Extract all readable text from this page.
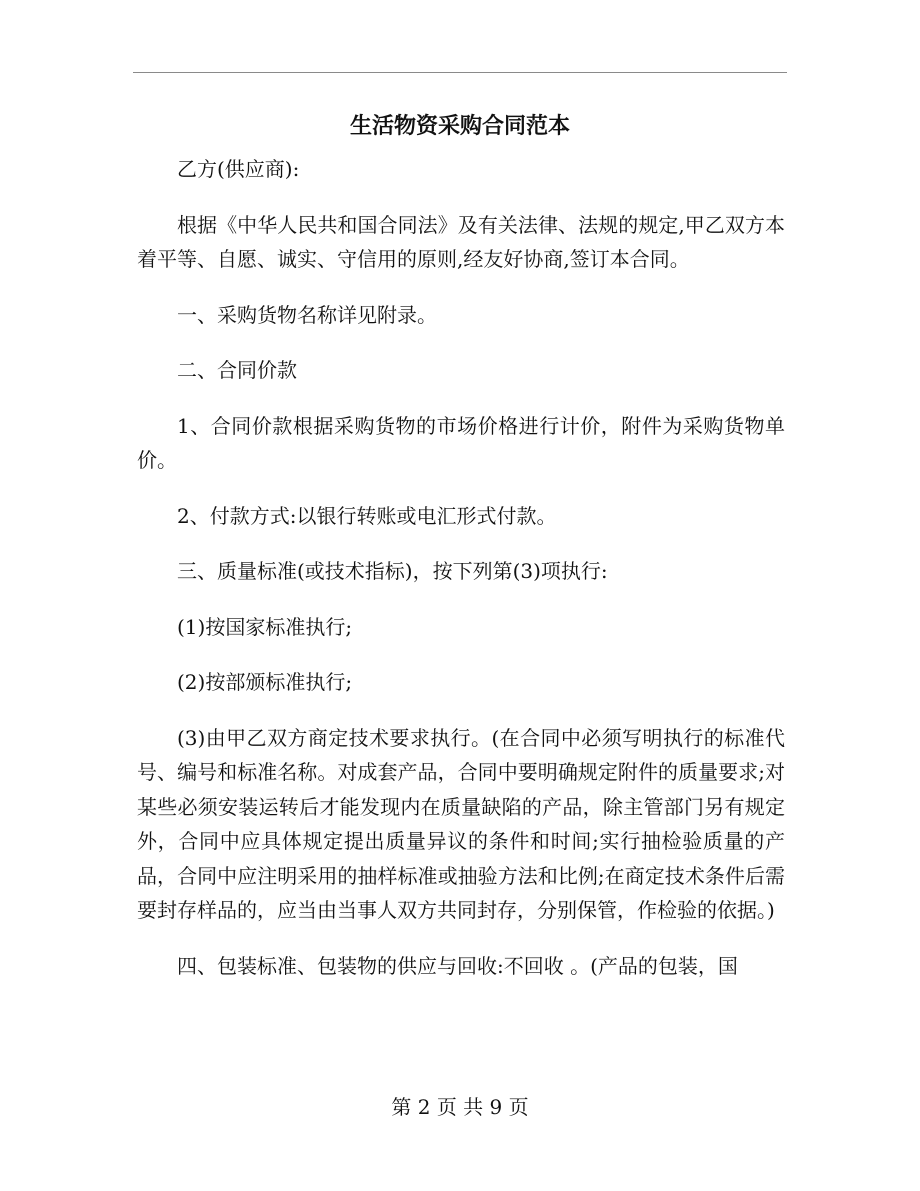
生活物资采购合同范本

乙方(供应商):

根据《中华人民共和国合同法》及有关法律、法规的规定,甲乙双方本着平等、自愿、诚实、守信用的原则,经友好协商,签订本合同。

一、采购货物名称详见附录。

二、合同价款

1、合同价款根据采购货物的市场价格进行计价，附件为采购货物单价。

2、付款方式:以银行转账或电汇形式付款。

三、质量标准(或技术指标)，按下列第(3)项执行:

(1)按国家标准执行;

(2)按部颁标准执行;

(3)由甲乙双方商定技术要求执行。(在合同中必须写明执行的标准代号、编号和标准名称。对成套产品，合同中要明确规定附件的质量要求;对某些必须安装运转后才能发现内在质量缺陷的产品，除主管部门另有规定外，合同中应具体规定提出质量异议的条件和时间;实行抽检验质量的产品，合同中应注明采用的抽样标准或抽验方法和比例;在商定技术条件后需要封存样品的，应当由当事人双方共同封存，分别保管，作检验的依据。)

四、包装标准、包装物的供应与回收:不回收 。(产品的包装，国

第 2 页 共 9 页
